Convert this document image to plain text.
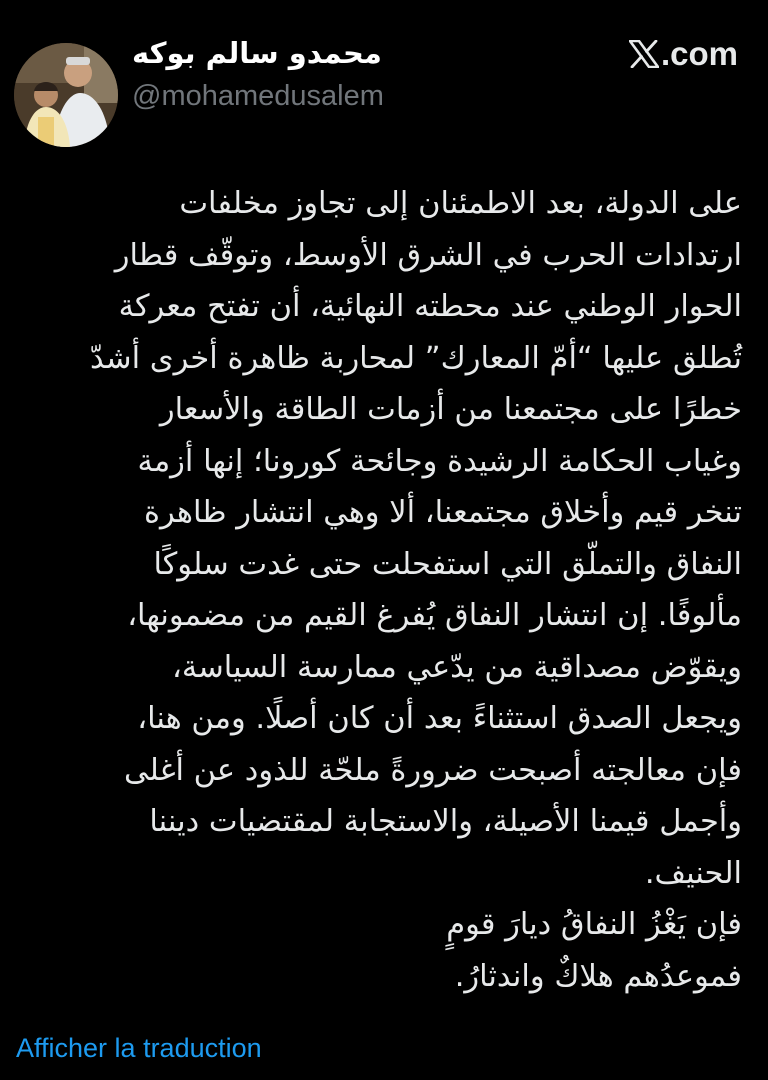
محمدو سالم بوكه
@mohamedusalem
.com
على الدولة، بعد الاطمئنان إلى تجاوز مخلفات
ارتدادات الحرب في الشرق الأوسط، وتوقّف قطار
الحوار الوطني عند محطته النهائية، أن تفتح معركة
تُطلق عليها “أمّ المعارك” لمحاربة ظاهرة أخرى أشدّ
خطرًا على مجتمعنا من أزمات الطاقة والأسعار
وغياب الحكامة الرشيدة وجائحة كورونا؛ إنها أزمة
تنخر قيم وأخلاق مجتمعنا، ألا وهي انتشار ظاهرة
النفاق والتملّق التي استفحلت حتى غدت سلوكًا
مألوفًا. إن انتشار النفاق يُفرغ القيم من مضمونها،
ويقوّض مصداقية من يدّعي ممارسة السياسة،
ويجعل الصدق استثناءً بعد أن كان أصلًا. ومن هنا،
فإن معالجته أصبحت ضرورةً ملحّة للذود عن أغلى
وأجمل قيمنا الأصيلة، والاستجابة لمقتضيات ديننا
الحنيف.
فإن يَغْزُ النفاقُ ديارَ قومٍ
فموعدُهم هلاكٌ واندثارُ.
Afficher la traduction
